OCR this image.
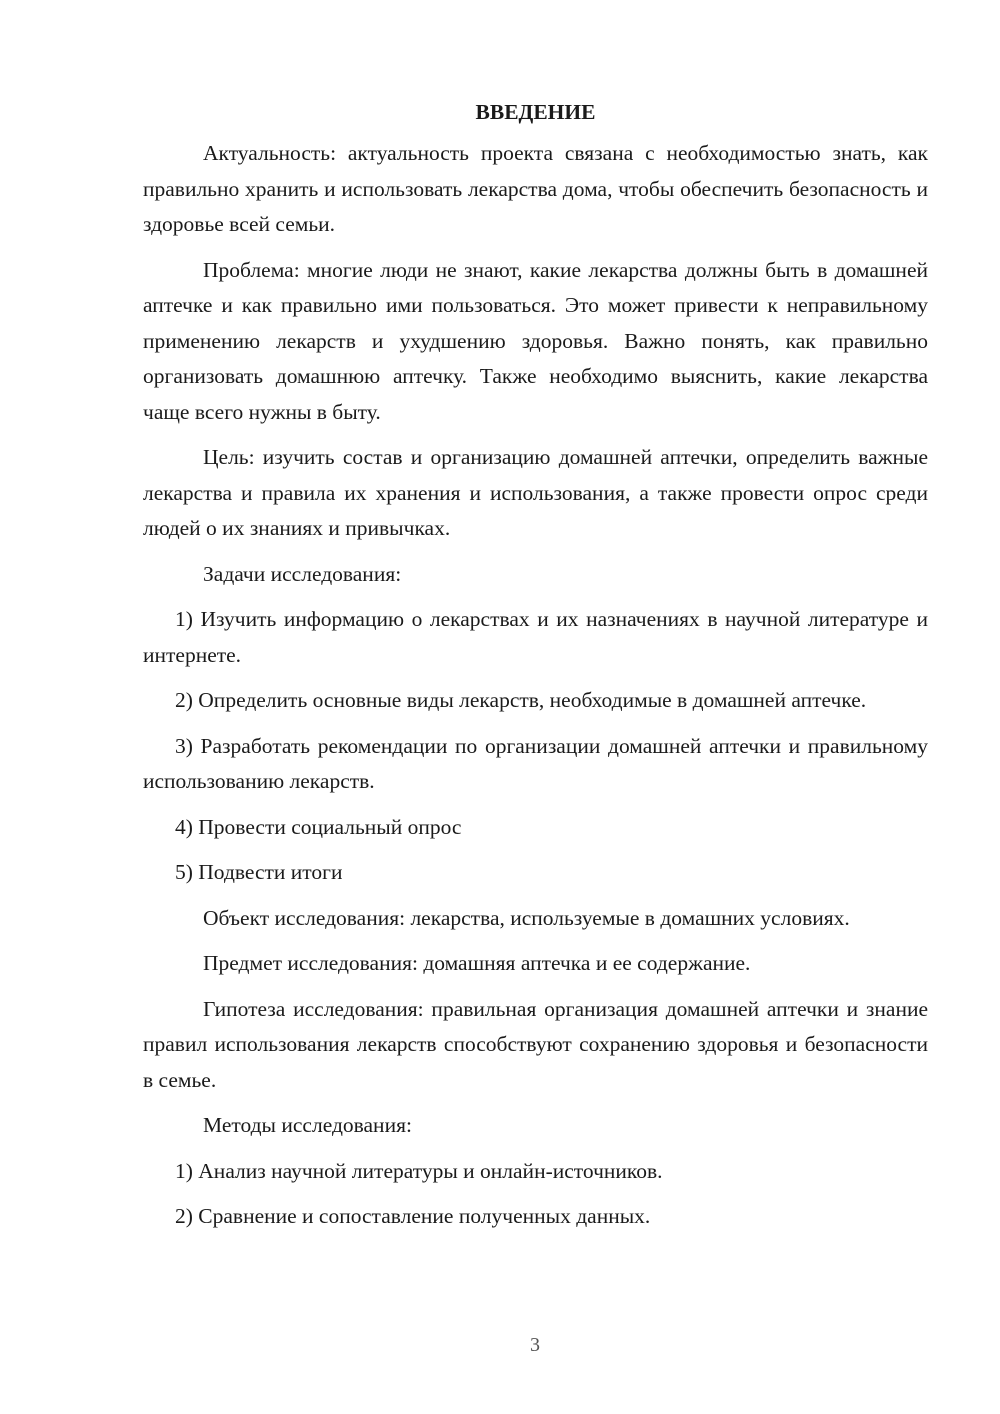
ВВЕДЕНИЕ

Актуальность: актуальность проекта связана с необходимостью знать, как правильно хранить и использовать лекарства дома, чтобы обеспечить безопасность и здоровье всей семьи.

Проблема: многие люди не знают, какие лекарства должны быть в домашней аптечке и как правильно ими пользоваться. Это может привести к неправильному применению лекарств и ухудшению здоровья. Важно понять, как правильно организовать домашнюю аптечку. Также необходимо выяснить, какие лекарства чаще всего нужны в быту.

Цель: изучить состав и организацию домашней аптечки, определить важные лекарства и правила их хранения и использования, а также провести опрос среди людей о их знаниях и привычках.

Задачи исследования:

1) Изучить информацию о лекарствах и их назначениях в научной литературе и интернете.

2) Определить основные виды лекарств, необходимые в домашней аптечке.

3) Разработать рекомендации по организации домашней аптечки и правильному использованию лекарств.

4) Провести социальный опрос

5) Подвести итоги

Объект исследования: лекарства, используемые в домашних условиях.

Предмет исследования: домашняя аптечка и ее содержание.

Гипотеза исследования: правильная организация домашней аптечки и знание правил использования лекарств способствуют сохранению здоровья и безопасности в семье.

Методы исследования:

1) Анализ научной литературы и онлайн-источников.

2) Сравнение и сопоставление полученных данных.

3
